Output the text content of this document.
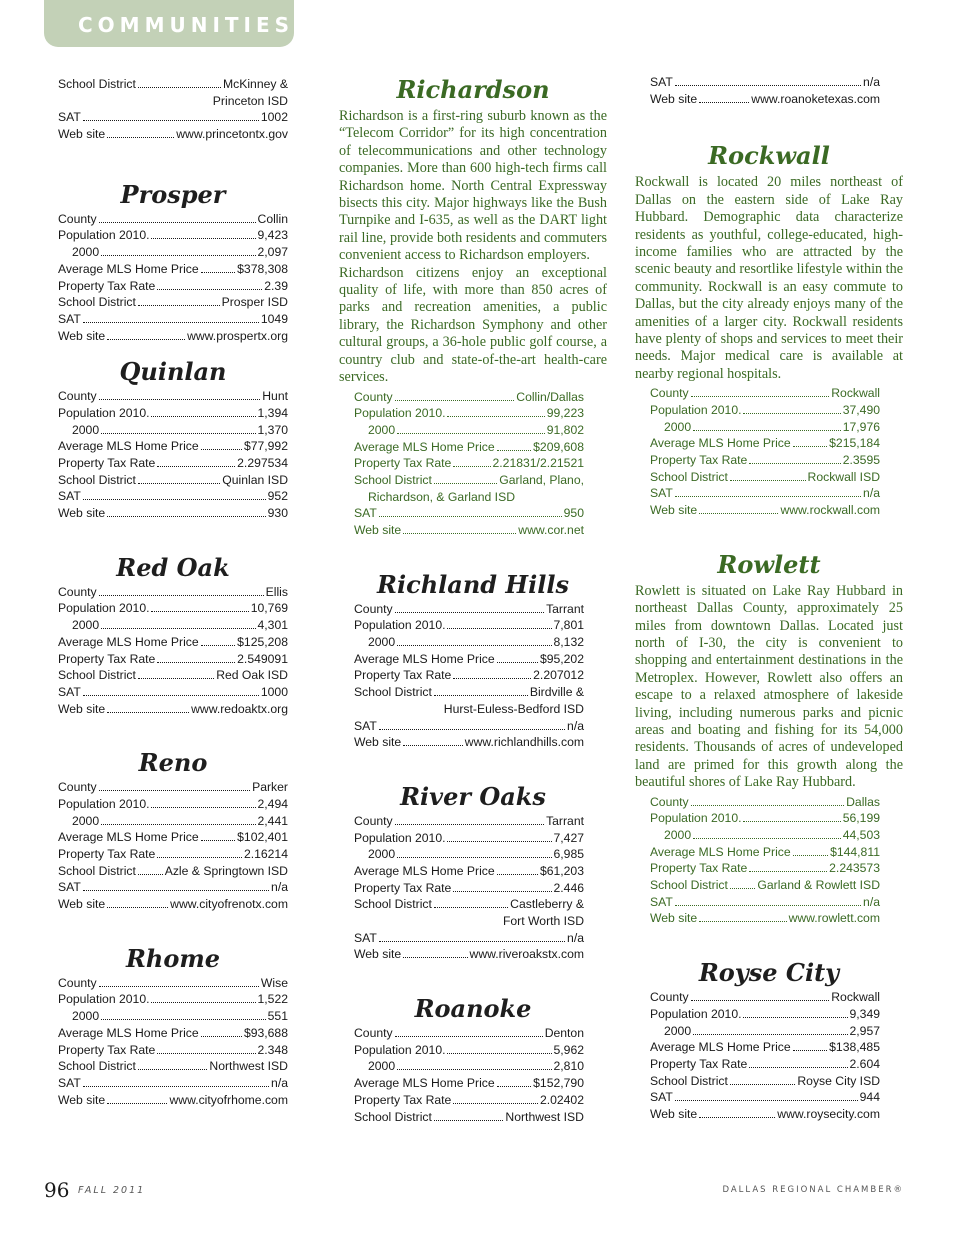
COMMUNITIES
School District	McKinney &
Princeton ISD
SAT	1002
Web site	www.princetontx.gov
Prosper
County	Collin
Population 2010.	9,423
2000	2,097
Average MLS Home Price	$378,308
Property Tax Rate	2.39
School District	Prosper ISD
SAT	1049
Web site	www.prospertx.org
Quinlan
County	Hunt
Population 2010.	1,394
2000	1,370
Average MLS Home Price	$77,992
Property Tax Rate	2.297534
School District	Quinlan ISD
SAT	952
Web site	930
Red Oak
County	Ellis
Population 2010.	10,769
2000	4,301
Average MLS Home Price	$125,208
Property Tax Rate	2.549091
School District	Red Oak ISD
SAT	1000
Web site	www.redoaktx.org
Reno
County	Parker
Population 2010.	2,494
2000	2,441
Average MLS Home Price	$102,401
Property Tax Rate	2.16214
School District Azle & Springtown ISD
SAT	n/a
Web site	www.cityofrenotx.com
Rhome
County	Wise
Population 2010.	1,522
2000	551
Average MLS Home Price	$93,688
Property Tax Rate	2.348
School District	Northwest ISD
SAT	n/a
Web site	www.cityofrhome.com
Richardson

Richardson is a first-ring suburb known as the “Telecom Corridor” for its high concentration of telecommunications and other technology companies. More than 600 high-tech firms call Richardson home. North Central Expressway bisects this city. Major highways like the Bush Turnpike and I-635, as well as the DART light rail line, provide both residents and commuters convenient access to Richardson employers.

Richardson citizens enjoy an exceptional quality of life, with more than 850 acres of parks and recreation amenities, a public library, the Richardson Symphony and other cultural groups, a 36-hole public golf course, a country club and state-of-the-art health-care services.

County	Collin/Dallas
Population 2010.	99,223
2000	91,802
Average MLS Home Price	$209,608
Property Tax Rate	2.21831/2.21521
School District	Garland, Plano,
Richardson, & Garland ISD
SAT	950
Web site	www.cor.net
Richland Hills
County	Tarrant
Population 2010.	7,801
2000	8,132
Average MLS Home Price	$95,202
Property Tax Rate	2.207012
School District	Birdville &
Hurst-Euless-Bedford ISD
SAT	n/a
Web site	www.richlandhills.com
River Oaks
County	Tarrant
Population 2010.	7,427
2000	6,985
Average MLS Home Price	$61,203
Property Tax Rate	2.446
School District	Castleberry &
Fort Worth ISD
SAT	n/a
Web site	www.riveroakstx.com
Roanoke
County	Denton
Population 2010.	5,962
2000	2,810
Average MLS Home Price	$152,790
Property Tax Rate	2.02402
School District	Northwest ISD
SAT	n/a
Web site	www.roanoketexas.com
Rockwall
Rockwall is located 20 miles northeast of Dallas on the eastern side of Lake Ray Hubbard. Demographic data characterize residents as youthful, college-educated, high-income families who are attracted by the scenic beauty and resortlike lifestyle within the community. Rockwall is an easy commute to Dallas, but the city already enjoys many of the amenities of a larger city. Rockwall residents have plenty of shops and services to meet their needs. Major medical care is available at nearby regional hospitals.
County	Rockwall
Population 2010.	37,490
2000	17,976
Average MLS Home Price	$215,184
Property Tax Rate	2.3595
School District	Rockwall ISD
SAT	n/a
Web site	www.rockwall.com
Rowlett
Rowlett is situated on Lake Ray Hubbard in northeast Dallas County, approximately 25 miles from downtown Dallas. Located just north of I-30, the city is convenient to shopping and entertainment destinations in the Metroplex. However, Rowlett also offers an escape to a relaxed atmosphere of lakeside living, including numerous parks and picnic areas and boating and fishing for its 54,000 residents. Thousands of acres of undeveloped land are primed for this growth along the beautiful shores of Lake Ray Hubbard.
County	Dallas
Population 2010.	56,199
2000	44,503
Average MLS Home Price	$144,811
Property Tax Rate	2.243573
School District Garland & Rowlett ISD
SAT	n/a
Web site	www.rowlett.com
Royse City
County	Rockwall
Population 2010.	9,349
2000	2,957
Average MLS Home Price	$138,485
Property Tax Rate	2.604
School District	Royse City ISD
SAT	944
Web site	www.roysecity.com
96 FALL 2011	DALLAS REGIONAL CHAMBER®
